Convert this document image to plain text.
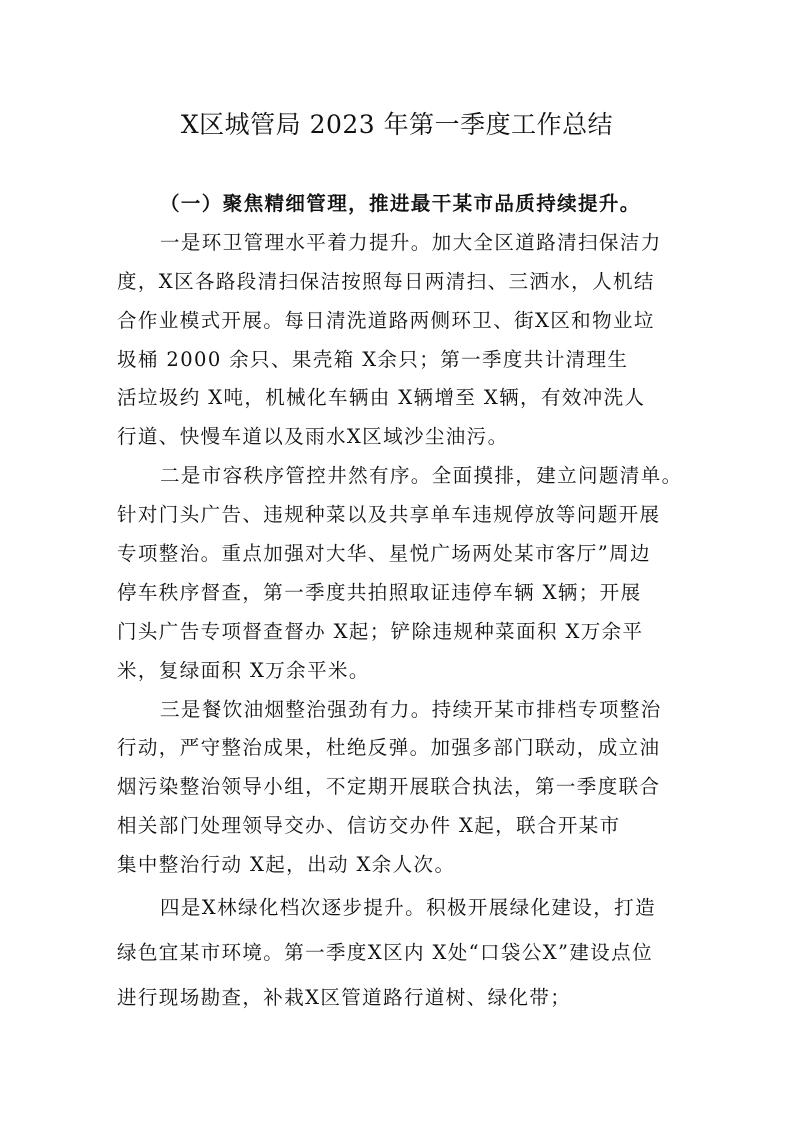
X区城管局 2023 年第一季度工作总结
（一）聚焦精细管理，推进最干某市品质持续提升。
一是环卫管理水平着力提升。加大全区道路清扫保洁力
度，X区各路段清扫保洁按照每日两清扫、三洒水，人机结
合作业模式开展。每日清洗道路两侧环卫、街X区和物业垃
圾桶 2000 余只、果壳箱 X余只；第一季度共计清理生
活垃圾约 X吨，机械化车辆由 X辆增至 X辆，有效冲洗人
行道、快慢车道以及雨水X区域沙尘油污。
二是市容秩序管控井然有序。全面摸排，建立问题清单。
针对门头广告、违规种菜以及共享单车违规停放等问题开展
专项整治。重点加强对大华、星悦广场两处某市客厅”周边
停车秩序督查，第一季度共拍照取证违停车辆 X辆；开展
门头广告专项督查督办 X起；铲除违规种菜面积 X万余平
米，复绿面积 X万余平米。
三是餐饮油烟整治强劲有力。持续开某市排档专项整治
行动，严守整治成果，杜绝反弹。加强多部门联动，成立油
烟污染整治领导小组，不定期开展联合执法，第一季度联合
相关部门处理领导交办、信访交办件 X起，联合开某市
集中整治行动 X起，出动 X余人次。
四是X林绿化档次逐步提升。积极开展绿化建设，打造
绿色宜某市环境。第一季度X区内 X处“口袋公X”建设点位
进行现场勘查，补栽X区管道路行道树、绿化带；
